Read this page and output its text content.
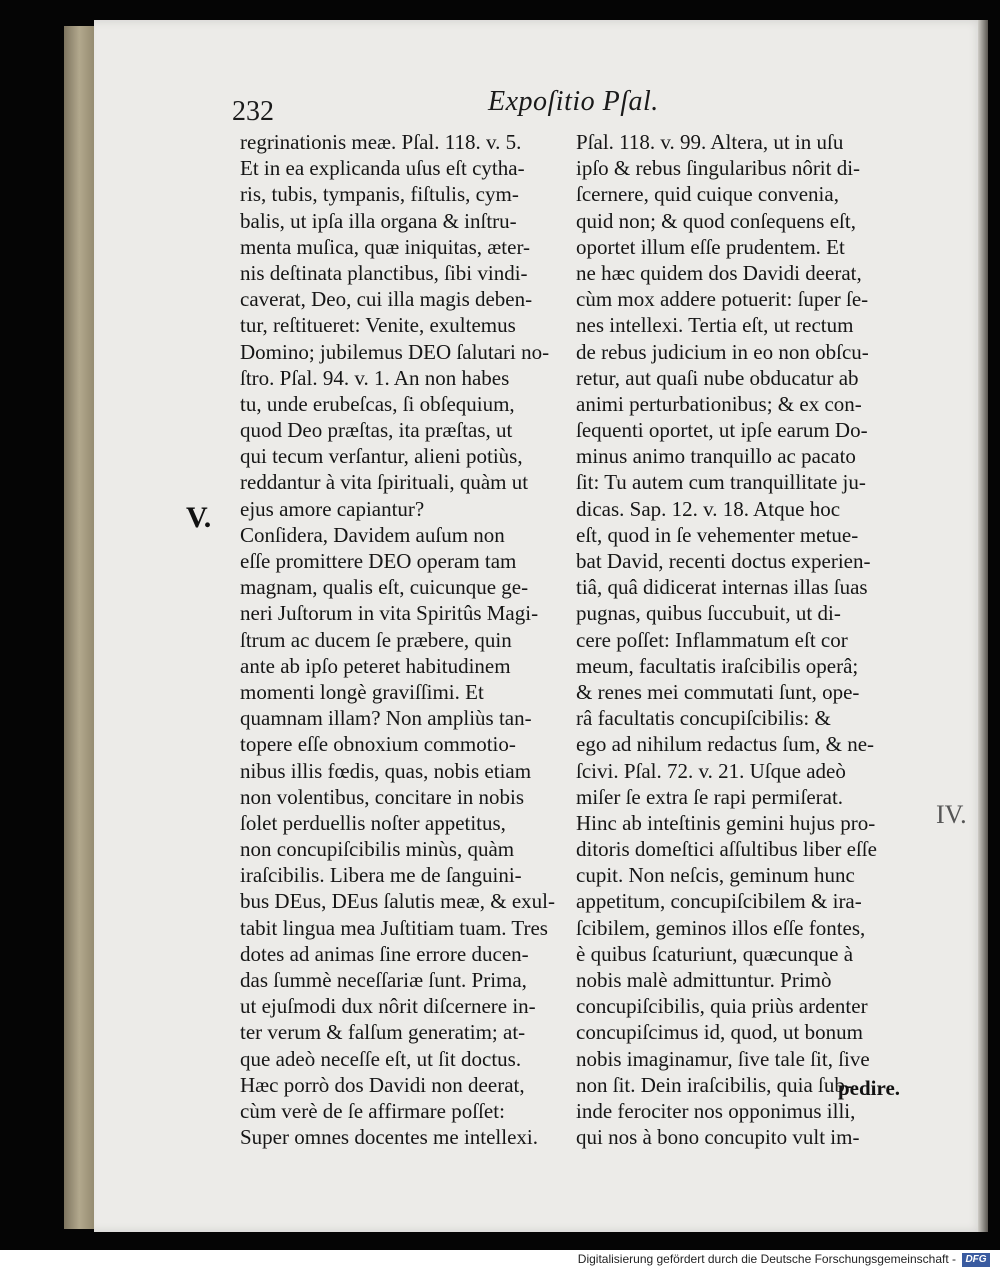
232	Expoſitio Pſal.
V.
IV.
regrinationis meæ. Pſal. 118. v. 5.
Et in ea explicanda uſus eſt cytha-
ris, tubis, tympanis, fiſtulis, cym-
balis, ut ipſa illa organa & inſtru-
menta muſica, quæ iniquitas, æter-
nis deſtinata planctibus, ſibi vindi-
caverat, Deo, cui illa magis deben-
tur, reſtitueret: Venite, exultemus
Domino; jubilemus DEO ſalutari no-
ſtro. Pſal. 94. v. 1. An non habes
tu, unde erubeſcas, ſi obſequium,
quod Deo præſtas, ita præſtas, ut
qui tecum verſantur, alieni potiùs,
reddantur à vita ſpirituali, quàm ut
ejus amore capiantur?
Conſidera, Davidem auſum non
eſſe promittere DEO operam tam
magnam, qualis eſt, cuicunque ge-
neri Juſtorum in vita Spiritûs Magi-
ſtrum ac ducem ſe præbere, quin
ante ab ipſo peteret habitudinem
momenti longè graviſſimi. Et
quamnam illam? Non ampliùs tan-
topere eſſe obnoxium commotio-
nibus illis fœdis, quas, nobis etiam
non volentibus, concitare in nobis
ſolet perduellis noſter appetitus,
non concupiſcibilis minùs, quàm
iraſcibilis. Libera me de ſanguini-
bus DEus, DEus ſalutis meæ, & exul-
tabit lingua mea Juſtitiam tuam. Tres
dotes ad animas ſine errore ducen-
das ſummè neceſſariæ ſunt. Prima,
ut ejuſmodi dux nôrit diſcernere in-
ter verum & falſum generatim; at-
que adeò neceſſe eſt, ut ſit doctus.
Hæc porrò dos Davidi non deerat,
cùm verè de ſe affirmare poſſet:
Super omnes docentes me intellexi.
Pſal. 118. v. 99. Altera, ut in uſu
ipſo & rebus ſingularibus nôrit di-
ſcernere, quid cuique convenia,
quid non; & quod conſequens eſt,
oportet illum eſſe prudentem. Et
ne hæc quidem dos Davidi deerat,
cùm mox addere potuerit: ſuper ſe-
nes intellexi. Tertia eſt, ut rectum
de rebus judicium in eo non obſcu-
retur, aut quaſi nube obducatur ab
animi perturbationibus; & ex con-
ſequenti oportet, ut ipſe earum Do-
minus animo tranquillo ac pacato
ſit: Tu autem cum tranquillitate ju-
dicas. Sap. 12. v. 18. Atque hoc
eſt, quod in ſe vehementer metue-
bat David, recenti doctus experien-
tiâ, quâ didicerat internas illas ſuas
pugnas, quibus ſuccubuit, ut di-
cere poſſet: Inflammatum eſt cor
meum, facultatis iraſcibilis operâ;
& renes mei commutati ſunt, ope-
râ facultatis concupiſcibilis: &
ego ad nihilum redactus ſum, & ne-
ſcivi. Pſal. 72. v. 21. Uſque adeò
miſer ſe extra ſe rapi permiſerat.
Hinc ab inteſtinis gemini hujus pro-
ditoris domeſtici aſſultibus liber eſſe
cupit. Non neſcis, geminum hunc
appetitum, concupiſcibilem & ira-
ſcibilem, geminos illos eſſe fontes,
è quibus ſcaturiunt, quæcunque à
nobis malè admittuntur. Primò
concupiſcibilis, quia priùs ardenter
concupiſcimus id, quod, ut bonum
nobis imaginamur, ſive tale ſit, ſive
non ſit. Dein iraſcibilis, quia ſub-
inde ferociter nos opponimus illi,
qui nos à bono concupito vult im-
pedire.
Digitalisierung gefördert durch die Deutsche Forschungsgemeinschaft - DFG
